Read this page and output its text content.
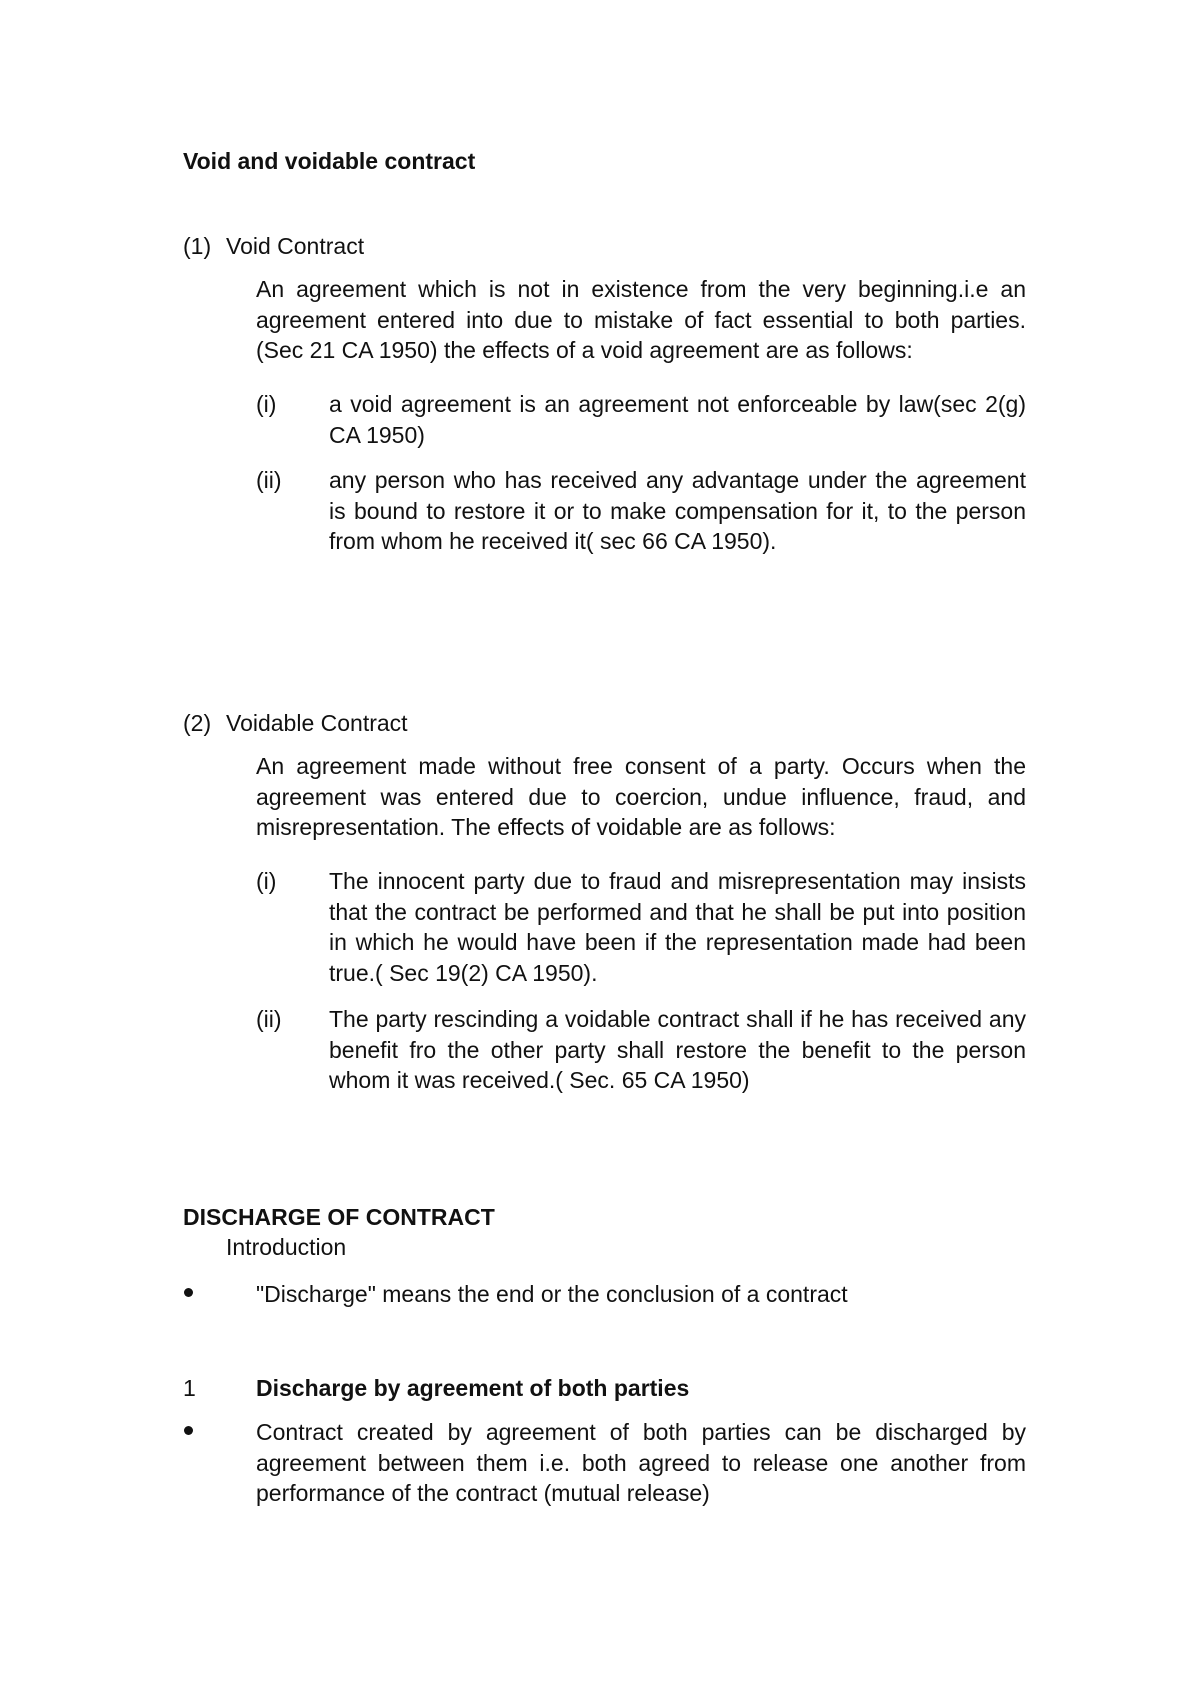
Void and voidable contract
(1) Void Contract
An agreement which is not in existence from the very beginning.i.e an agreement entered into due to mistake of fact essential to both parties. (Sec 21 CA 1950) the effects of a void agreement are as follows:
(i) a void agreement is an agreement not enforceable by law(sec 2(g) CA 1950)
(ii) any person who has received any advantage under the agreement is bound to restore it or to make compensation for it, to the person from whom he received it( sec 66 CA 1950).
(2) Voidable Contract
An agreement made without free consent of a party. Occurs when the agreement was entered due to coercion, undue influence, fraud, and misrepresentation. The effects of voidable are as follows:
(i) The innocent party due to fraud and misrepresentation may insists that the contract be performed and that he shall be put into position in which he would have been if the representation made had been true.( Sec 19(2) CA 1950).
(ii) The party rescinding a voidable contract shall if he has received any benefit fro the other party shall restore the benefit to the person whom it was received.( Sec. 65 CA 1950)
DISCHARGE OF CONTRACT
Introduction
"Discharge" means the end or the conclusion of a contract
1	Discharge by agreement of both parties
Contract created by agreement of both parties can be discharged by agreement between them i.e. both agreed to release one another from performance of the contract (mutual release)
